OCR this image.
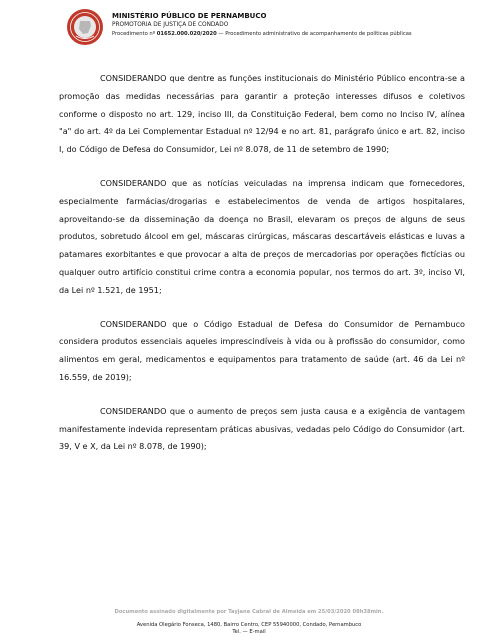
MINISTÉRIO PÚBLICO DE PERNAMBUCO
PROMOTORIA DE JUSTIÇA DE CONDADO
Procedimento nº 01652.000.020/2020 — Procedimento administrativo de acompanhamento de políticas públicas

CONSIDERANDO que dentre as funções institucionais do Ministério Público encontra-se a promoção das medidas necessárias para garantir a proteção interesses difusos e coletivos conforme o disposto no art. 129, inciso III, da Constituição Federal, bem como no Inciso IV, alínea "a" do art. 4º da Lei Complementar Estadual nº 12/94 e no art. 81, parágrafo único e art. 82, inciso I, do Código de Defesa do Consumidor, Lei nº 8.078, de 11 de setembro de 1990;

CONSIDERANDO que as notícias veiculadas na imprensa indicam que fornecedores, especialmente farmácias/drogarias e estabelecimentos de venda de artigos hospitalares, aproveitando-se da disseminação da doença no Brasil, elevaram os preços de alguns de seus produtos, sobretudo álcool em gel, máscaras cirúrgicas, máscaras descartáveis elásticas e luvas a patamares exorbitantes e que provocar a alta de preços de mercadorias por operações fictícias ou qualquer outro artifício constitui crime contra a economia popular, nos termos do art. 3º, inciso VI, da Lei nº 1.521, de 1951;

CONSIDERANDO que o Código Estadual de Defesa do Consumidor de Pernambuco considera produtos essenciais aqueles imprescindíveis à vida ou à profissão do consumidor, como alimentos em geral, medicamentos e equipamentos para tratamento de saúde (art. 46 da Lei nº 16.559, de 2019);

CONSIDERANDO que o aumento de preços sem justa causa e a exigência de vantagem manifestamente indevida representam práticas abusivas, vedadas pelo Código do Consumidor (art. 39, V e X, da Lei nº 8.078, de 1990);

Documento assinado digitalmente por Tayjane Cabral de Almeida em 25/03/2020 08h38min.
Avenida Olegário Fonseca, 1480, Bairro Centro, CEP 55940000, Condado, Pernambuco
Tel. — E-mail
